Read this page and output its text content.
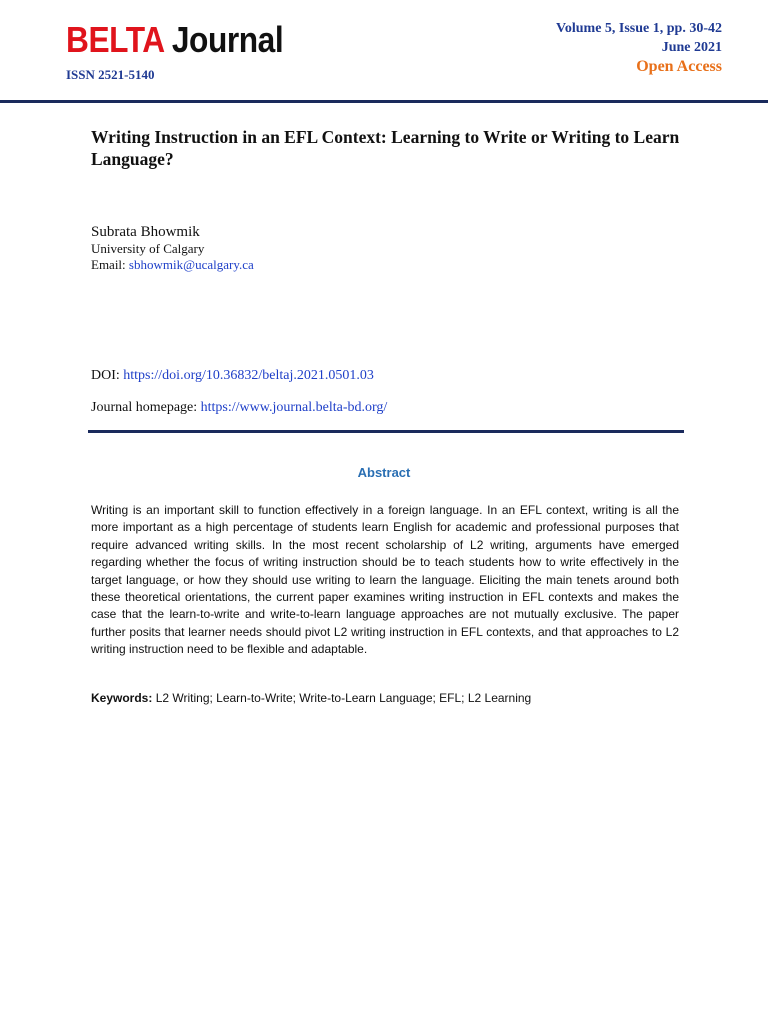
BELTA Journal
ISSN 2521-5140
Volume 5, Issue 1, pp. 30-42
June 2021
Open Access
Writing Instruction in an EFL Context: Learning to Write or Writing to Learn Language?
Subrata Bhowmik
University of Calgary
Email: sbhowmik@ucalgary.ca
DOI: https://doi.org/10.36832/beltaj.2021.0501.03
Journal homepage: https://www.journal.belta-bd.org/
Abstract
Writing is an important skill to function effectively in a foreign language. In an EFL context, writing is all the more important as a high percentage of students learn English for academic and professional purposes that require advanced writing skills. In the most recent scholarship of L2 writing, arguments have emerged regarding whether the focus of writing instruction should be to teach students how to write effectively in the target language, or how they should use writing to learn the language. Eliciting the main tenets around both these theoretical orientations, the current paper examines writing instruction in EFL contexts and makes the case that the learn-to-write and write-to-learn language approaches are not mutually exclusive. The paper further posits that learner needs should pivot L2 writing instruction in EFL contexts, and that approaches to L2 writing instruction need to be flexible and adaptable.
Keywords: L2 Writing; Learn-to-Write; Write-to-Learn Language; EFL; L2 Learning
